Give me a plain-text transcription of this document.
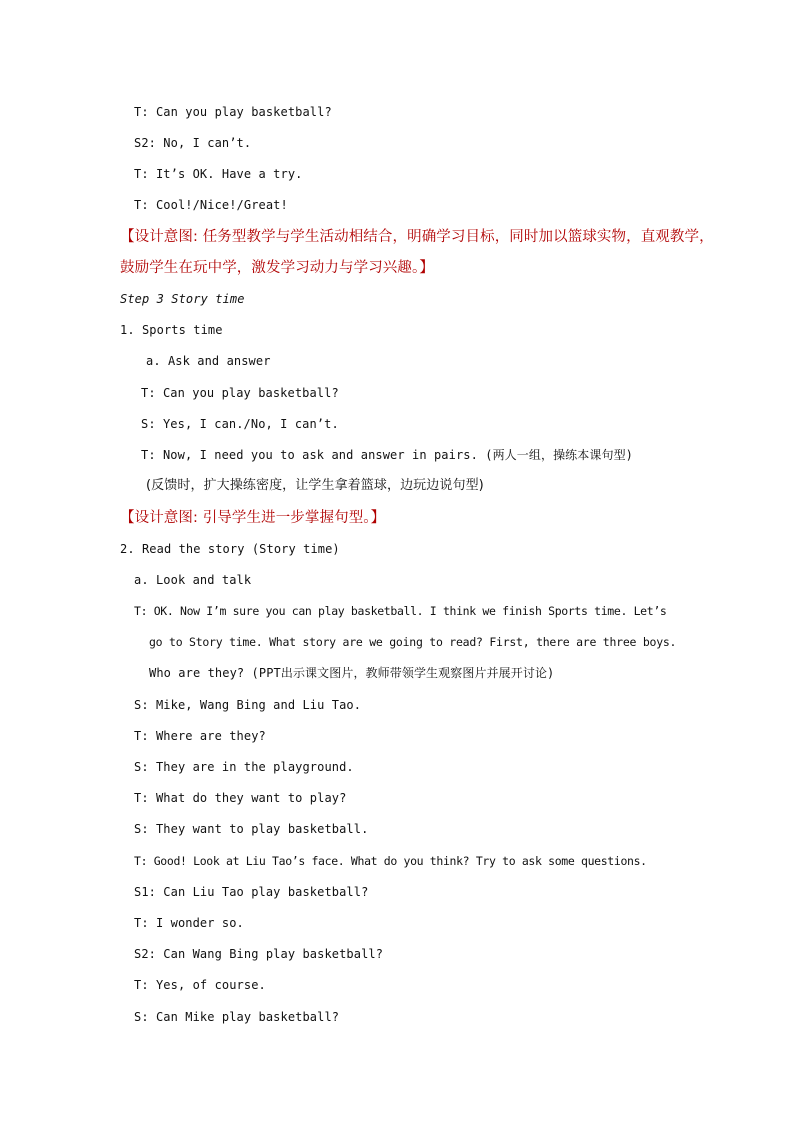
T: Can you play basketball?
S2: No, I can’t.
T: It’s OK. Have a try.
T: Cool!/Nice!/Great!
【设计意图: 任务型教学与学生活动相结合，明确学习目标，同时加以篮球实物，直观教学，
鼓励学生在玩中学，激发学习动力与学习兴趣。】
Step 3 Story time
1. Sports time
a. Ask and answer
T: Can you play basketball?
S: Yes, I can./No, I can’t.
T: Now, I need you to ask and answer in pairs. (两人一组，操练本课句型)
(反馈时，扩大操练密度，让学生拿着篮球，边玩边说句型)
【设计意图: 引导学生进一步掌握句型。】
2. Read the story (Story time)
a. Look and talk
T: OK. Now I’m sure you can play basketball. I think we finish Sports time. Let’s
go to Story time. What story are we going to read? First, there are three boys.
Who are they? (PPT出示课文图片，教师带领学生观察图片并展开讨论)
S: Mike, Wang Bing and Liu Tao.
T: Where are they?
S: They are in the playground.
T: What do they want to play?
S: They want to play basketball.
T: Good! Look at Liu Tao’s face. What do you think? Try to ask some questions.
S1: Can Liu Tao play basketball?
T: I wonder so.
S2: Can Wang Bing play basketball?
T: Yes, of course.
S: Can Mike play basketball?
